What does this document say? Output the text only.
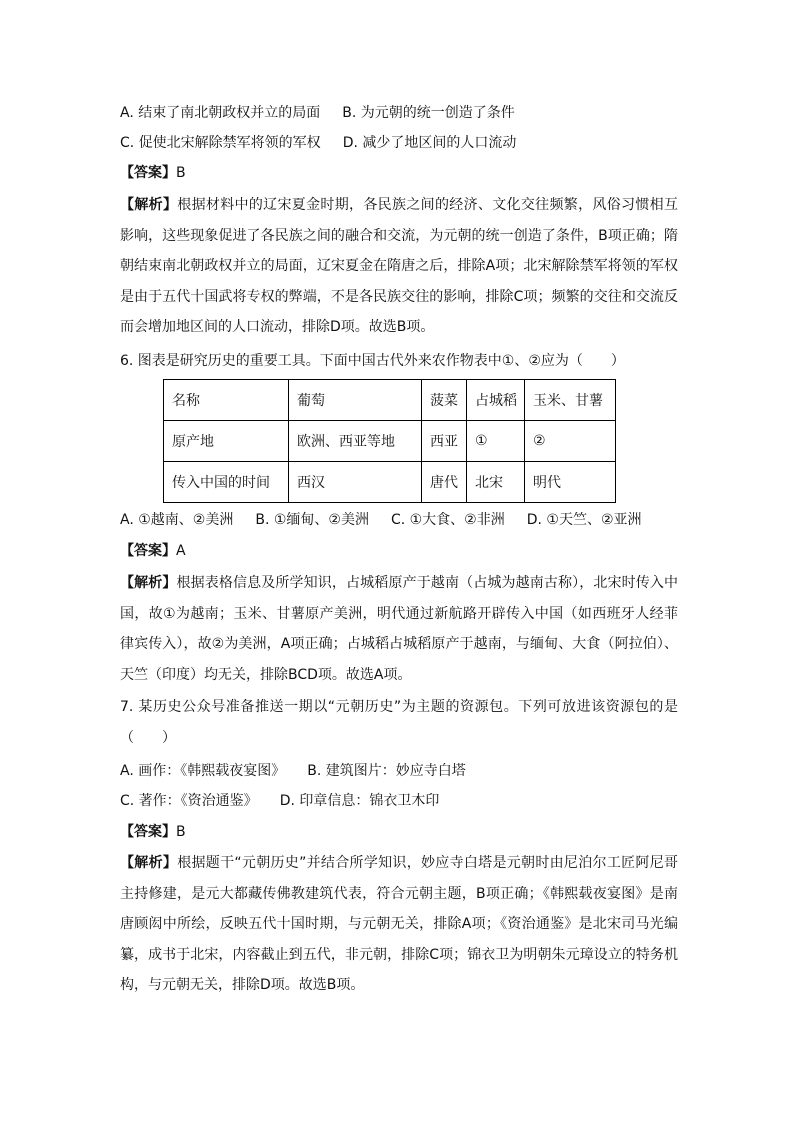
A. 结束了南北朝政权并立的局面 B. 为元朝的统一创造了条件
C. 促使北宋解除禁军将领的军权 D. 减少了地区间的人口流动
【答案】B
【解析】根据材料中的辽宋夏金时期，各民族之间的经济、文化交往频繁，风俗习惯相互影响，这些现象促进了各民族之间的融合和交流，为元朝的统一创造了条件，B项正确；隋朝结束南北朝政权并立的局面，辽宋夏金在隋唐之后，排除A项；北宋解除禁军将领的军权是由于五代十国武将专权的弊端，不是各民族交往的影响，排除C项；频繁的交往和交流反而会增加地区间的人口流动，排除D项。故选B项。
6. 图表是研究历史的重要工具。下面中国古代外来农作物表中①、②应为（　　）
名称	葡萄	菠菜	占城稻	玉米、甘薯
原产地	欧洲、西亚等地	西亚	①	②
传入中国的时间	西汉	唐代	北宋	明代
A. ①越南、②美洲 B. ①缅甸、②美洲 C. ①大食、②非洲 D. ①天竺、②亚洲
【答案】A
【解析】根据表格信息及所学知识，占城稻原产于越南（占城为越南古称），北宋时传入中国，故①为越南；玉米、甘薯原产美洲，明代通过新航路开辟传入中国（如西班牙人经菲律宾传入），故②为美洲，A项正确；占城稻占城稻原产于越南，与缅甸、大食（阿拉伯）、天竺（印度）均无关，排除BCD项。故选A项。
7. 某历史公众号准备推送一期以“元朝历史”为主题的资源包。下列可放进该资源包的是（　　）
A. 画作：《韩熙载夜宴图》 B. 建筑图片：妙应寺白塔
C. 著作：《资治通鉴》 D. 印章信息：锦衣卫木印
【答案】B
【解析】根据题干“元朝历史”并结合所学知识，妙应寺白塔是元朝时由尼泊尔工匠阿尼哥主持修建，是元大都藏传佛教建筑代表，符合元朝主题，B项正确；《韩熙载夜宴图》是南唐顾闳中所绘，反映五代十国时期，与元朝无关，排除A项；《资治通鉴》是北宋司马光编纂，成书于北宋，内容截止到五代，非元朝，排除C项；锦衣卫为明朝朱元璋设立的特务机构，与元朝无关，排除D项。故选B项。
